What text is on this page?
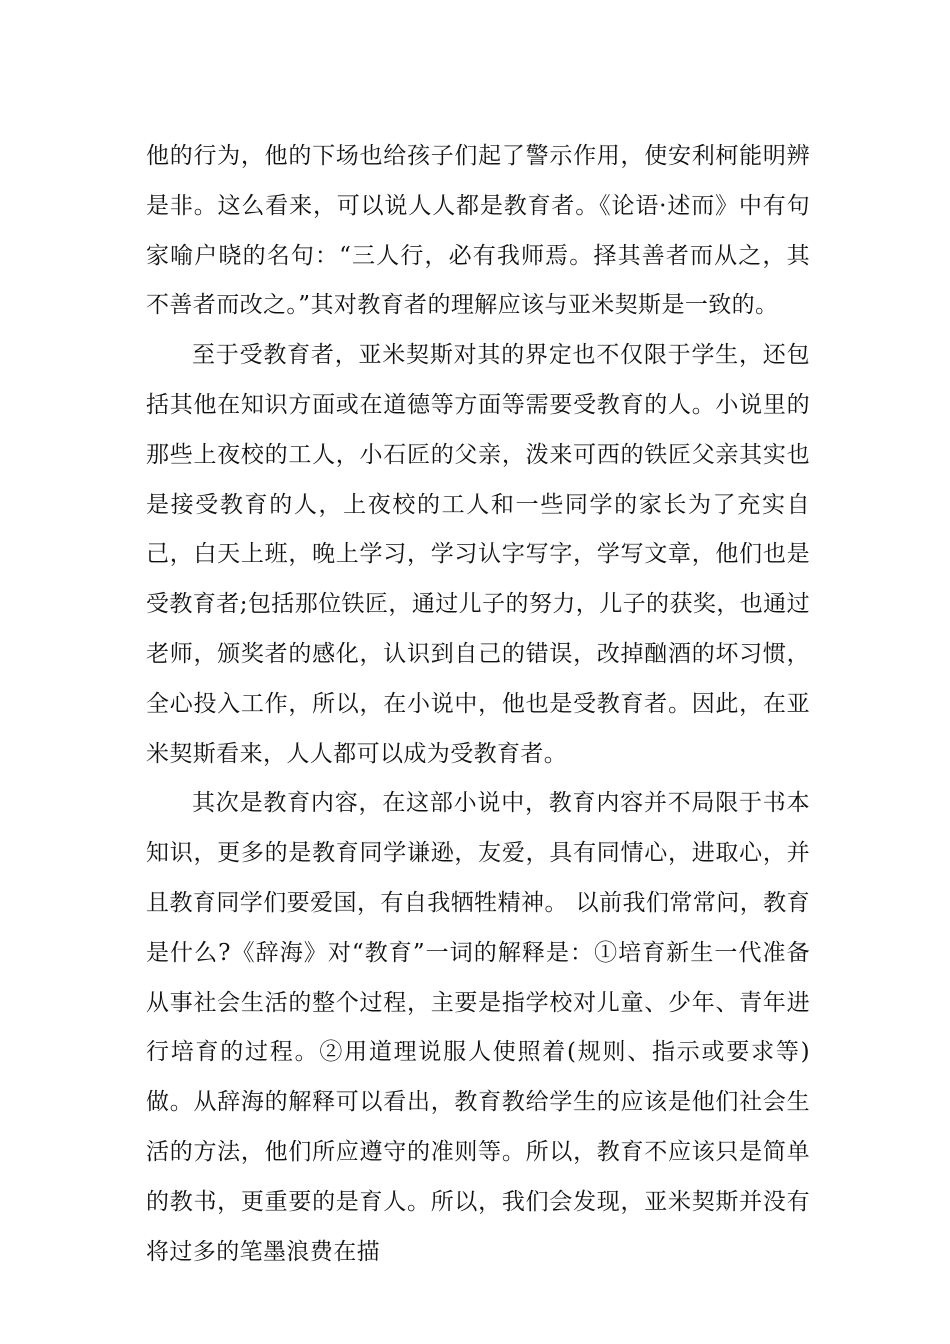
他的行为，他的下场也给孩子们起了警示作用，使安利柯能明辨是非。这么看来，可以说人人都是教育者。《论语·述而》中有句家喻户晓的名句：“三人行，必有我师焉。择其善者而从之，其不善者而改之。”其对教育者的理解应该与亚米契斯是一致的。

至于受教育者，亚米契斯对其的界定也不仅限于学生，还包括其他在知识方面或在道德等方面等需要受教育的人。小说里的那些上夜校的工人，小石匠的父亲，泼来可西的铁匠父亲其实也是接受教育的人，上夜校的工人和一些同学的家长为了充实自己，白天上班，晚上学习，学习认字写字，学写文章，他们也是受教育者;包括那位铁匠，通过儿子的努力，儿子的获奖，也通过老师，颁奖者的感化，认识到自己的错误，改掉酗酒的坏习惯，全心投入工作，所以，在小说中，他也是受教育者。因此，在亚米契斯看来，人人都可以成为受教育者。

其次是教育内容，在这部小说中，教育内容并不局限于书本知识，更多的是教育同学谦逊，友爱，具有同情心，进取心，并且教育同学们要爱国，有自我牺牲精神。 以前我们常常问，教育是什么?《辞海》对“教育”一词的解释是：①培育新生一代准备从事社会生活的整个过程，主要是指学校对儿童、少年、青年进行培育的过程。②用道理说服人使照着(规则、指示或要求等)做。从辞海的解释可以看出，教育教给学生的应该是他们社会生活的方法，他们所应遵守的准则等。所以，教育不应该只是简单的教书，更重要的是育人。所以，我们会发现，亚米契斯并没有将过多的笔墨浪费在描
